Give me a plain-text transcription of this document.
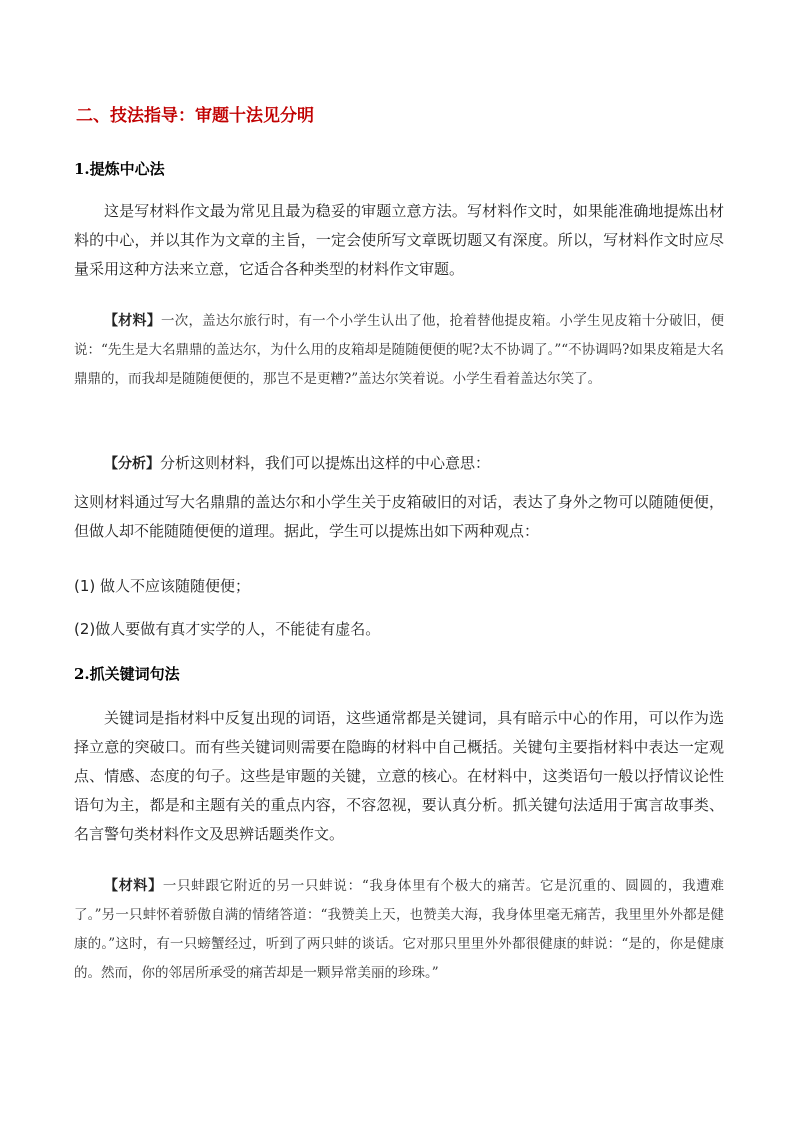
二、技法指导：审题十法见分明
1.提炼中心法

这是写材料作文最为常见且最为稳妥的审题立意方法。写材料作文时，如果能准确地提炼出材料的中心，并以其作为文章的主旨，一定会使所写文章既切题又有深度。所以，写材料作文时应尽量采用这种方法来立意，它适合各种类型的材料作文审题。

【材料】一次，盖达尔旅行时，有一个小学生认出了他，抢着替他提皮箱。小学生见皮箱十分破旧，便说：“先生是大名鼎鼎的盖达尔，为什么用的皮箱却是随随便便的呢?太不协调了。”“不协调吗?如果皮箱是大名鼎鼎的，而我却是随随便便的，那岂不是更糟?”盖达尔笑着说。小学生看着盖达尔笑了。

【分析】分析这则材料，我们可以提炼出这样的中心意思：

这则材料通过写大名鼎鼎的盖达尔和小学生关于皮箱破旧的对话，表达了身外之物可以随随便便，但做人却不能随随便便的道理。据此，学生可以提炼出如下两种观点：

(1) 做人不应该随随便便；

(2)做人要做有真才实学的人，不能徒有虚名。

2.抓关键词句法

关键词是指材料中反复出现的词语，这些通常都是关键词，具有暗示中心的作用，可以作为选择立意的突破口。而有些关键词则需要在隐晦的材料中自己概括。关键句主要指材料中表达一定观点、情感、态度的句子。这些是审题的关键，立意的核心。在材料中，这类语句一般以抒情议论性语句为主，都是和主题有关的重点内容，不容忽视，要认真分析。抓关键句法适用于寓言故事类、名言警句类材料作文及思辨话题类作文。

【材料】一只蚌跟它附近的另一只蚌说：“我身体里有个极大的痛苦。它是沉重的、圆圆的，我遭难了。”另一只蚌怀着骄傲自满的情绪答道：“我赞美上天，也赞美大海，我身体里毫无痛苦，我里里外外都是健康的。”这时，有一只螃蟹经过，听到了两只蚌的谈话。它对那只里里外外都很健康的蚌说：“是的，你是健康的。然而，你的邻居所承受的痛苦却是一颗异常美丽的珍珠。”
